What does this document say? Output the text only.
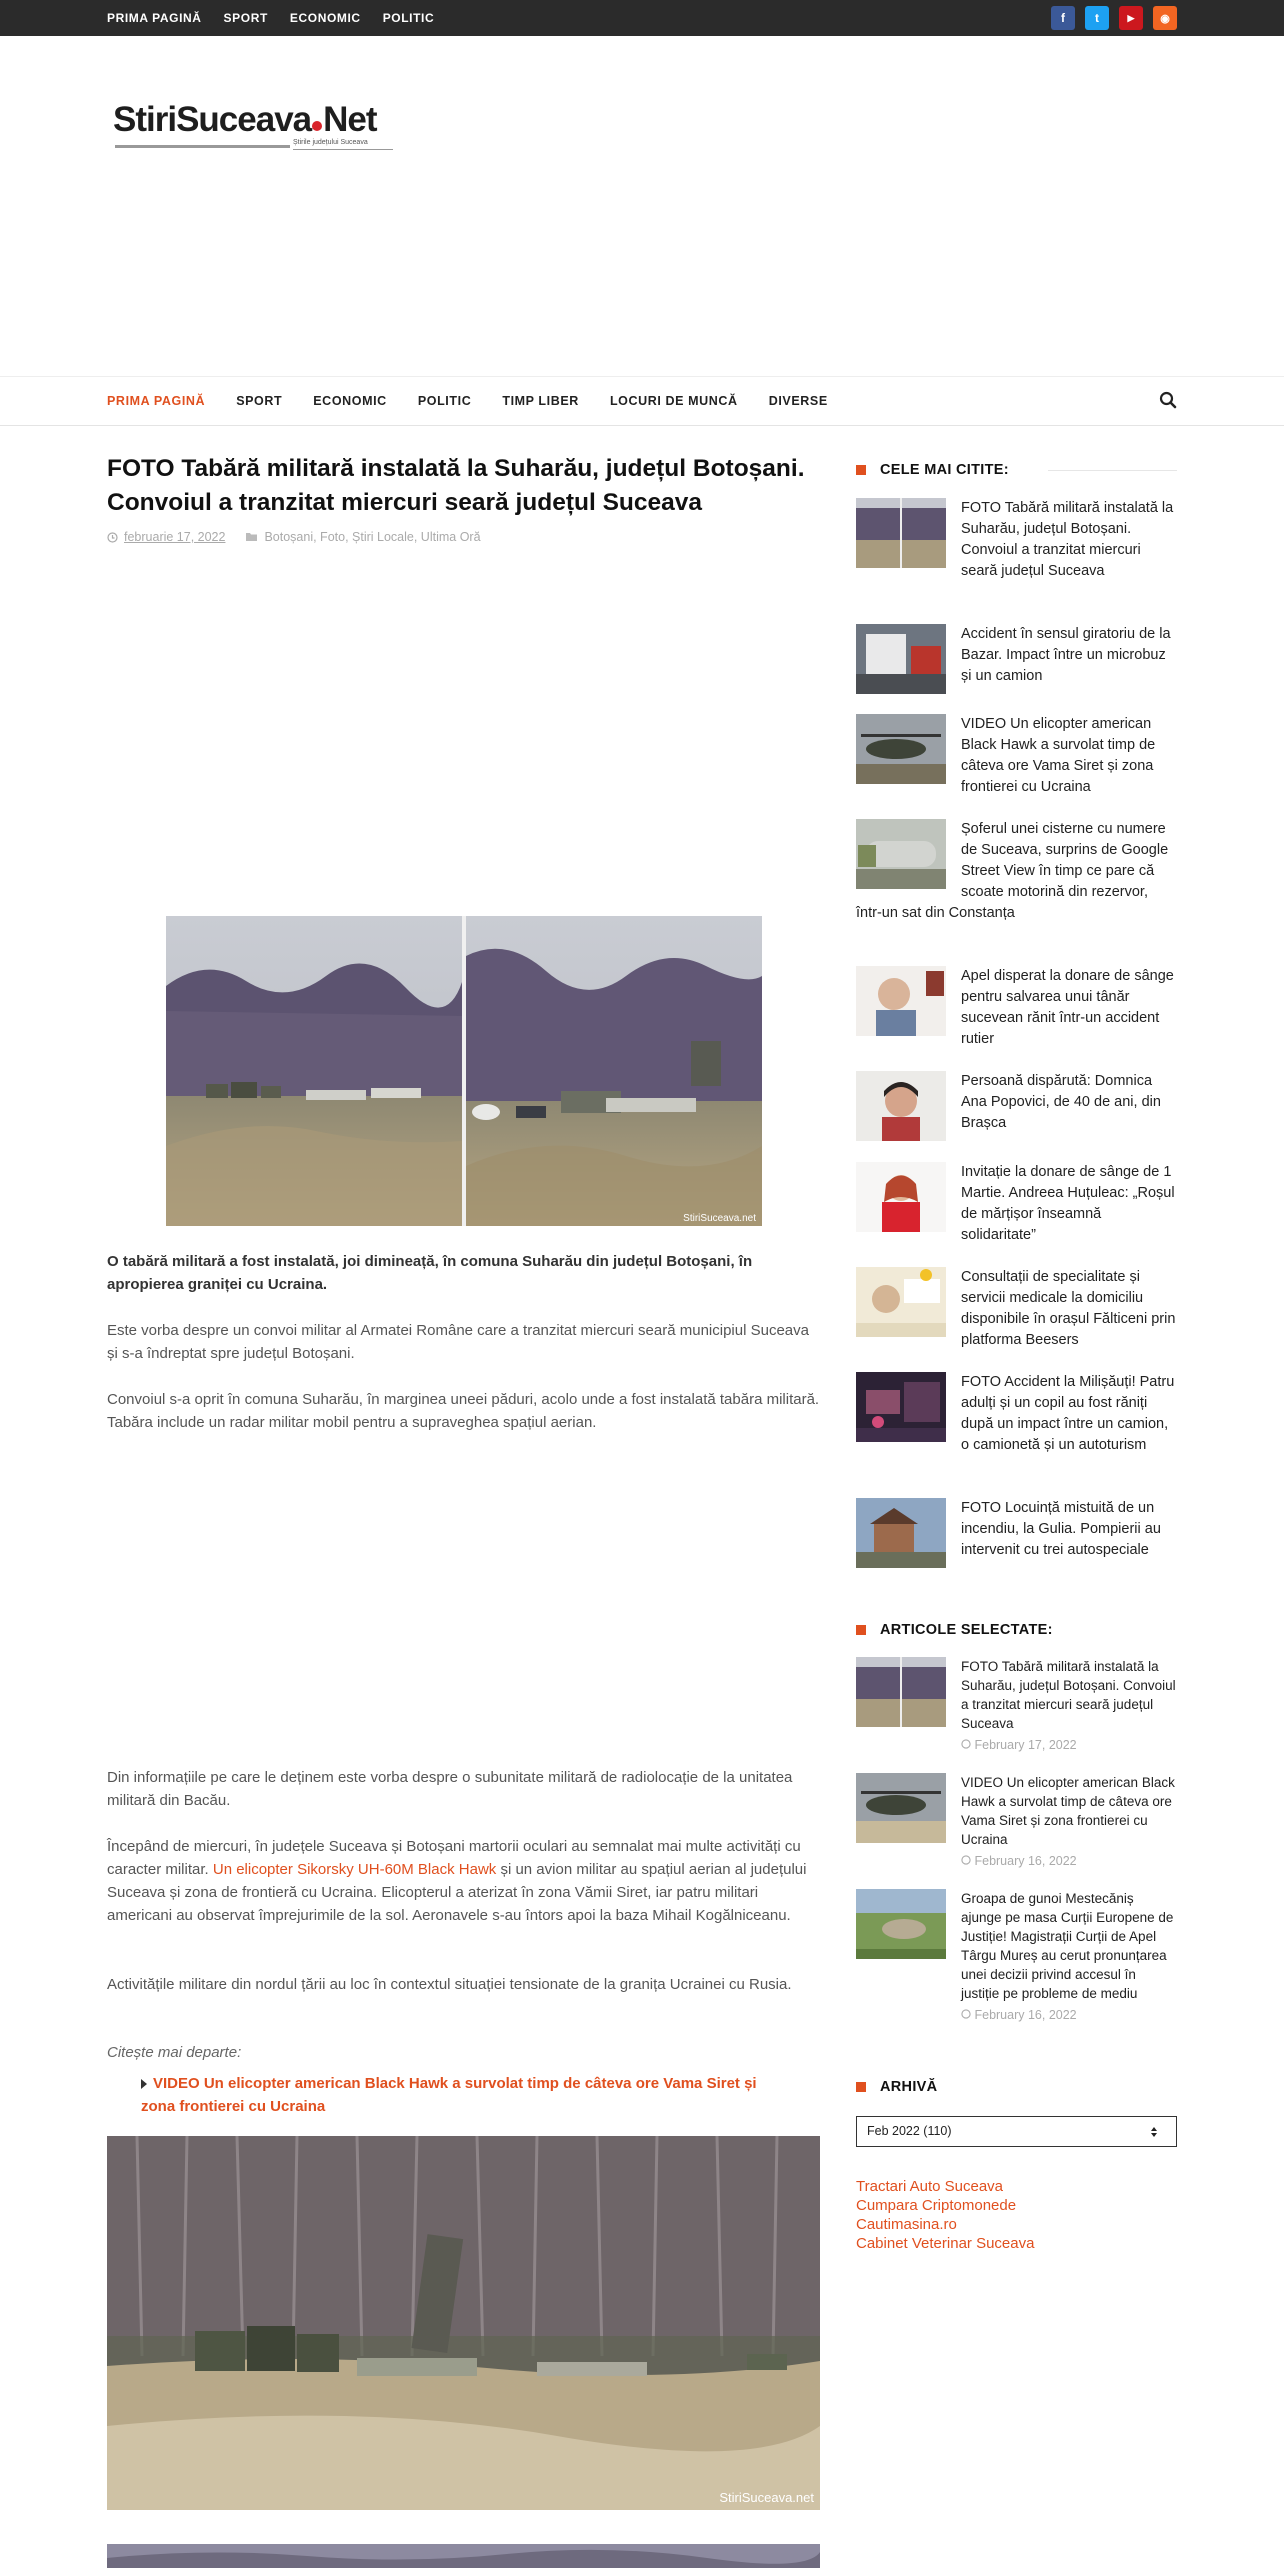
PRIMA PAGINĂ SPORT ECONOMIC POLITIC	f	t	▶	◉
StiriSuceava Net
Știrile județului Suceava
PRIMA PAGINĂ SPORT ECONOMIC POLITIC TIMP LIBER LOCURI DE MUNCĂ DIVERSE
FOTO Tabără militară instalată la Suharău, județul Botoșani. Convoiul a tranzitat miercuri seară județul Suceava
februarie 17, 2022	Botoșani, Foto, Știri Locale, Ultima Oră
StiriSuceava.net
O tabără militară a fost instalată, joi dimineață, în comuna Suharău din județul Botoșani, în apropierea graniței cu Ucraina.
Este vorba despre un convoi militar al Armatei Române care a tranzitat miercuri seară municipiul Suceava și s-a îndreptat spre județul Botoșani.
Convoiul s-a oprit în comuna Suharău, în marginea uneei păduri, acolo unde a fost instalată tabăra militară. Tabăra include un radar militar mobil pentru a supraveghea spațiul aerian.
Din informațiile pe care le deținem este vorba despre o subunitate militară de radiolocație de la unitatea militară din Bacău.
Începând de miercuri, în județele Suceava și Botoșani martorii oculari au semnalat mai multe activități cu caracter militar. Un elicopter Sikorsky UH-60M Black Hawk și un avion militar au spațiul aerian al județului Suceava și zona de frontieră cu Ucraina. Elicopterul a aterizat în zona Vămii Siret, iar patru militari americani au observat împrejurimile de la sol. Aeronavele s-au întors apoi la baza Mihail Kogălniceanu.
Activitățile militare din nordul țării au loc în contextul situației tensionate de la granița Ucrainei cu Rusia.
Citește mai departe:
VIDEO Un elicopter american Black Hawk a survolat timp de câteva ore Vama Siret și zona frontierei cu Ucraina
StiriSuceava.net
CELE MAI CITITE:
FOTO Tabără militară instalată la Suharău, județul Botoșani. Convoiul a tranzitat miercuri seară județul Suceava
Accident în sensul giratoriu de la Bazar. Impact între un microbuz și un camion
VIDEO Un elicopter american Black Hawk a survolat timp de câteva ore Vama Siret și zona frontierei cu Ucraina
Șoferul unei cisterne cu numere de Suceava, surprins de Google Street View în timp ce pare că scoate motorină din rezervor, într-un sat din Constanța
Apel disperat la donare de sânge pentru salvarea unui tânăr sucevean rănit într-un accident rutier
Persoană dispărută: Domnica Ana Popovici, de 40 de ani, din Brașca
Invitație la donare de sânge de 1 Martie. Andreea Huțuleac: „Roșul de mărțișor înseamnă solidaritate”
Consultații de specialitate și servicii medicale la domiciliu disponibile în orașul Fălticeni prin platforma Beesers
FOTO Accident la Milișăuți! Patru adulți și un copil au fost răniți după un impact între un camion, o camionetă și un autoturism
FOTO Locuință mistuită de un incendiu, la Gulia. Pompierii au intervenit cu trei autospeciale
ARTICOLE SELECTATE:
FOTO Tabără militară instalată la Suharău, județul Botoșani. Convoiul a tranzitat miercuri seară județul Suceava
February 17, 2022
VIDEO Un elicopter american Black Hawk a survolat timp de câteva ore Vama Siret și zona frontierei cu Ucraina
February 16, 2022
Groapa de gunoi Mestecăniș ajunge pe masa Curții Europene de Justiție! Magistrații Curții de Apel Târgu Mureș au cerut pronunțarea unei decizii privind accesul în justiție pe probleme de mediu
February 16, 2022
ARHIVĂ
Feb 2022 (110)
Tractari Auto Suceava
Cumpara Criptomonede
Cautimasina.ro
Cabinet Veterinar Suceava
